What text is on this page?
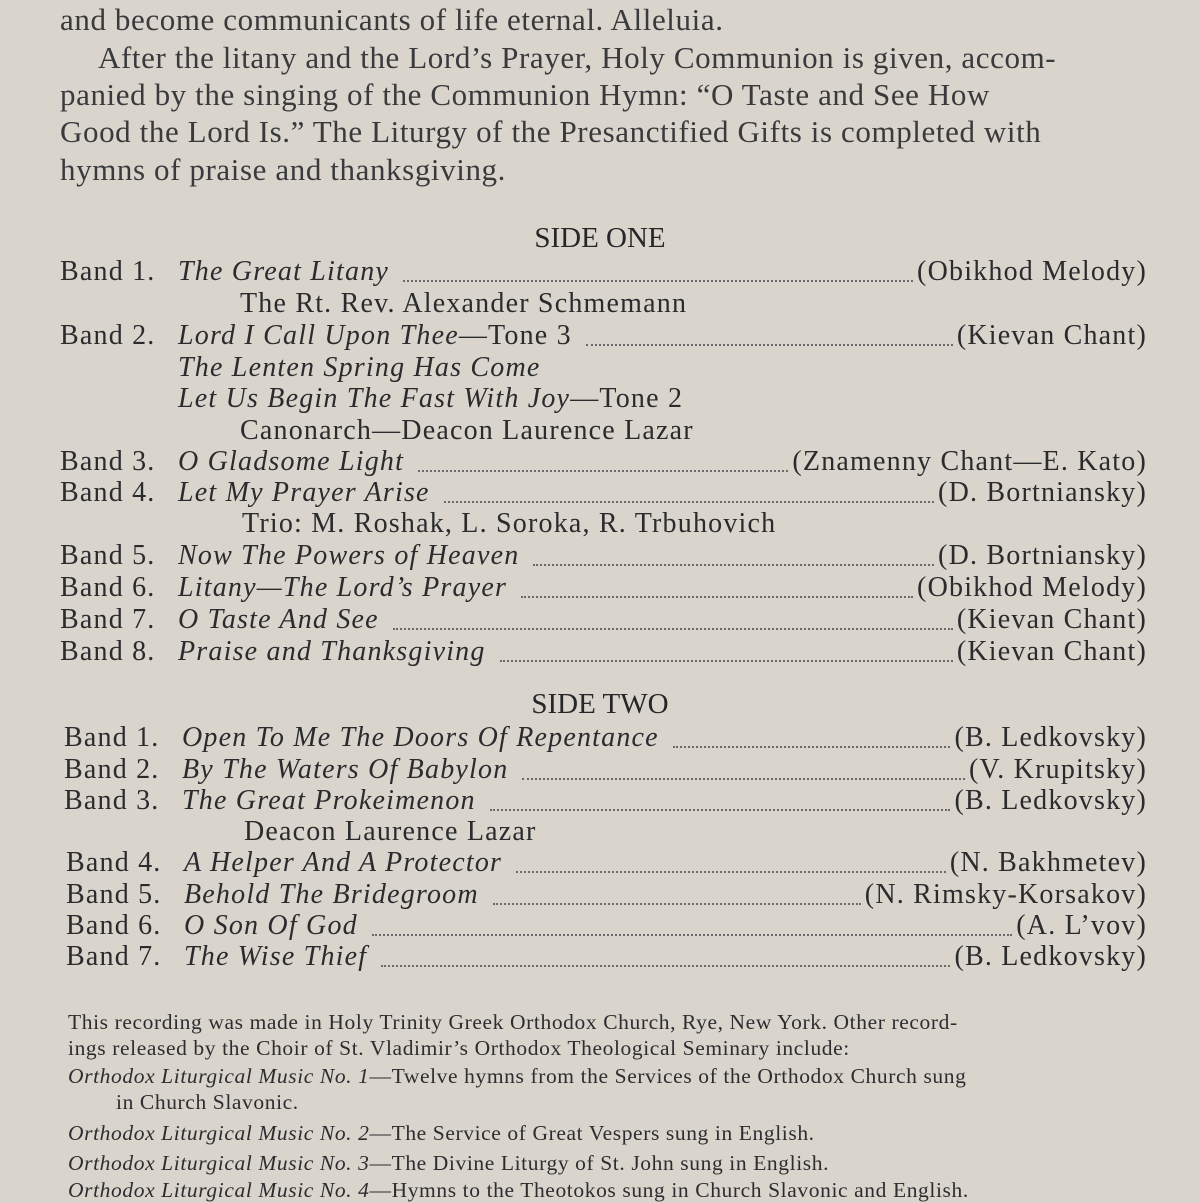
and become communicants of life eternal. Alleluia.
After the litany and the Lord’s Prayer, Holy Communion is given, accom-
panied by the singing of the Communion Hymn: “O Taste and See How
Good the Lord Is.” The Liturgy of the Presanctified Gifts is completed with
hymns of praise and thanksgiving.
SIDE ONE
Band 1. The Great Litany	(Obikhod Melody)
The Rt. Rev. Alexander Schmemann
Band 2. Lord I Call Upon Thee —Tone 3	(Kievan Chant)
The Lenten Spring Has Come
Let Us Begin The Fast With Joy—Tone 2
Canonarch—Deacon Laurence Lazar
Band 3. O Gladsome Light	(Znamenny Chant—E. Kato)
Band 4. Let My Prayer Arise	(D. Bortniansky)
Trio: M. Roshak, L. Soroka, R. Trbuhovich
Band 5. Now The Powers of Heaven	(D. Bortniansky)
Band 6. Litany—The Lord’s Prayer	(Obikhod Melody)
Band 7. O Taste And See	(Kievan Chant)
Band 8. Praise and Thanksgiving	(Kievan Chant)
SIDE TWO
Band 1. Open To Me The Doors Of Repentance	(B. Ledkovsky)
Band 2. By The Waters Of Babylon	(V. Krupitsky)
Band 3. The Great Prokeimenon	(B. Ledkovsky)
Deacon Laurence Lazar
Band 4. A Helper And A Protector	(N. Bakhmetev)
Band 5. Behold The Bridegroom	(N. Rimsky-Korsakov)
Band 6. O Son Of God	(A. L’vov)
Band 7. The Wise Thief	(B. Ledkovsky)
This recording was made in Holy Trinity Greek Orthodox Church, Rye, New York. Other record-
ings released by the Choir of St. Vladimir’s Orthodox Theological Seminary include:
Orthodox Liturgical Music No. 1—Twelve hymns from the Services of the Orthodox Church sung
in Church Slavonic.
Orthodox Liturgical Music No. 2—The Service of Great Vespers sung in English.
Orthodox Liturgical Music No. 3—The Divine Liturgy of St. John sung in English.
Orthodox Liturgical Music No. 4—Hymns to the Theotokos sung in Church Slavonic and English.
